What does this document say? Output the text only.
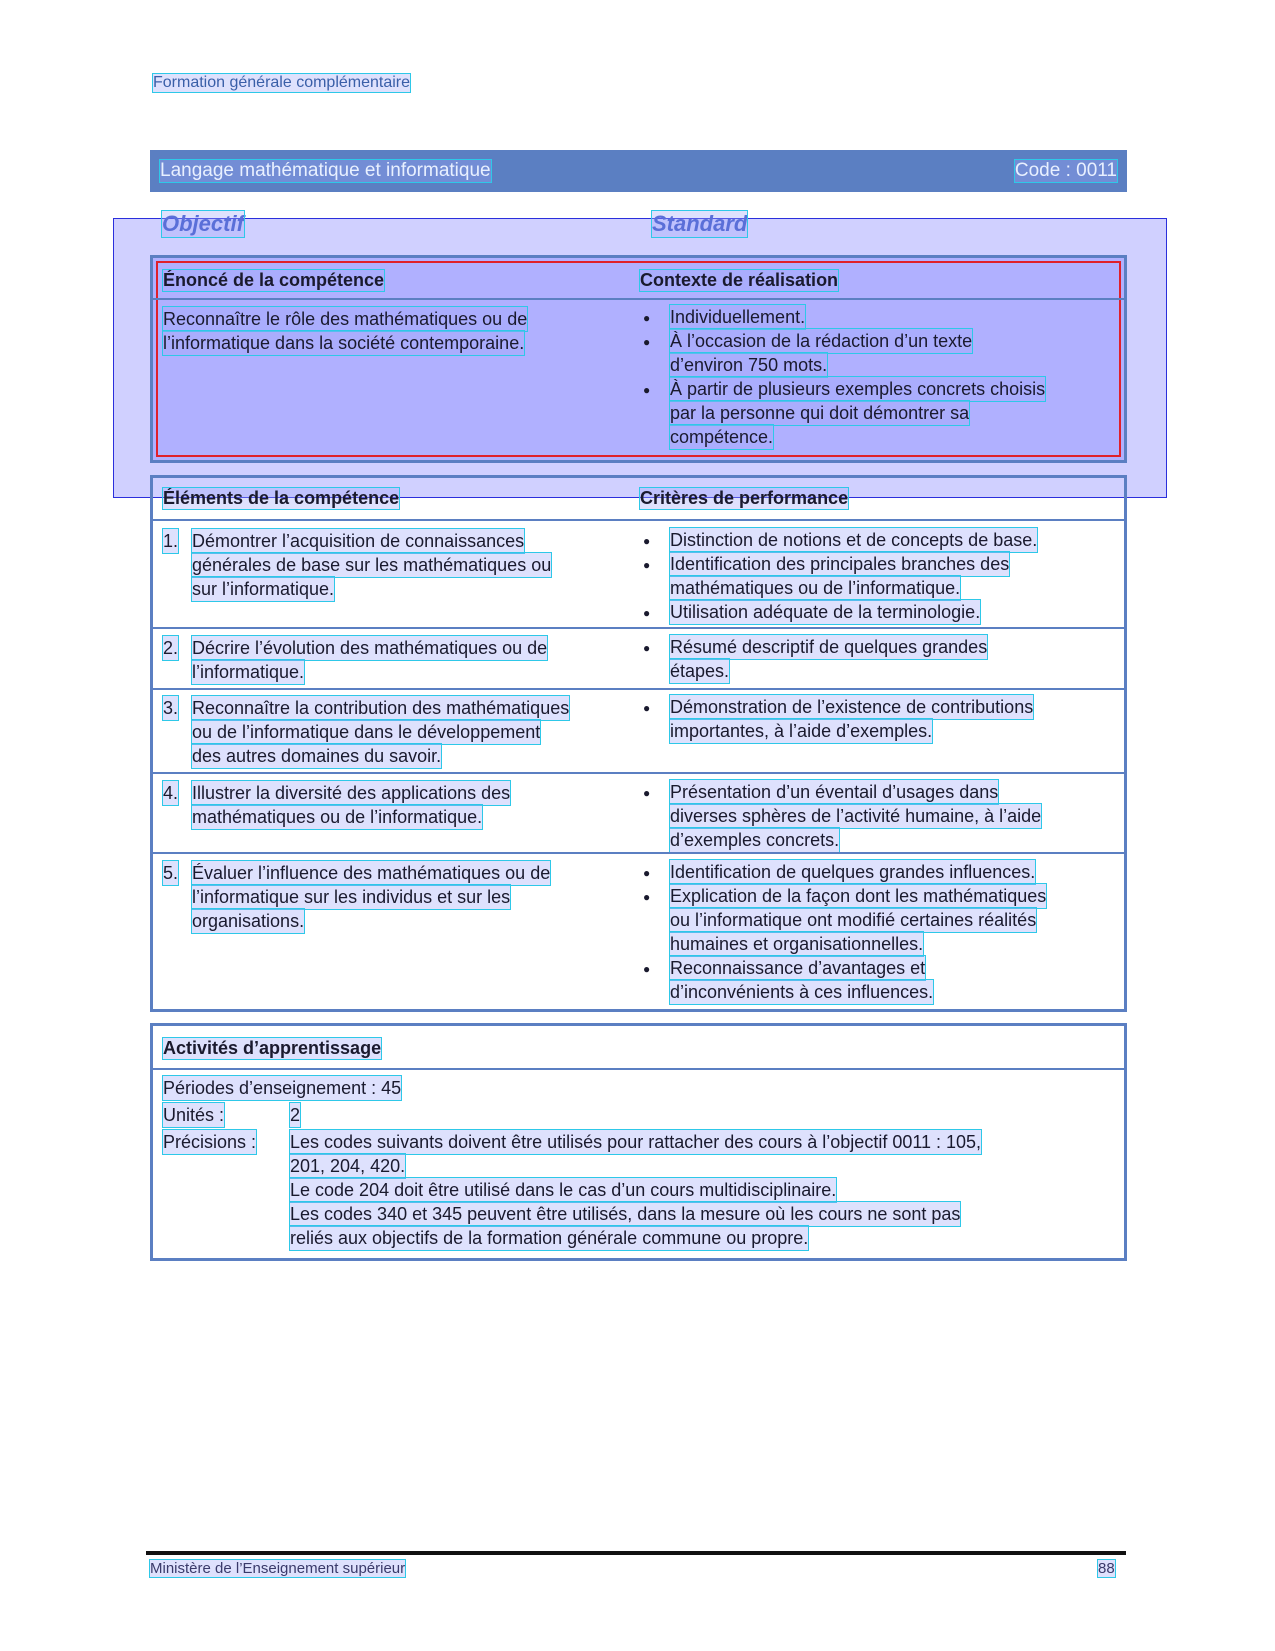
Formation générale complémentaire
Langage mathématique et informatique	Code : 0011
Objectif	Standard
Énoncé de la compétence	Contexte de réalisation
Reconnaître le rôle des mathématiques ou de
l’informatique dans la société contemporaine.
● Individuellement.
● À l’occasion de la rédaction d’un texte
d’environ 750 mots.
● À partir de plusieurs exemples concrets choisis
par la personne qui doit démontrer sa
compétence.
Éléments de la compétence	Critères de performance
1. Démontrer l’acquisition de connaissances
générales de base sur les mathématiques ou
sur l’informatique.
● Distinction de notions et de concepts de base.
● Identification des principales branches des
mathématiques ou de l’informatique.
● Utilisation adéquate de la terminologie.
2. Décrire l’évolution des mathématiques ou de
l’informatique.
● Résumé descriptif de quelques grandes
étapes.
3. Reconnaître la contribution des mathématiques
ou de l’informatique dans le développement
des autres domaines du savoir.
● Démonstration de l’existence de contributions
importantes, à l’aide d’exemples.
4. Illustrer la diversité des applications des
mathématiques ou de l’informatique.
● Présentation d’un éventail d’usages dans
diverses sphères de l’activité humaine, à l’aide
d’exemples concrets.
5. Évaluer l’influence des mathématiques ou de
l’informatique sur les individus et sur les
organisations.
● Identification de quelques grandes influences.
● Explication de la façon dont les mathématiques
ou l’informatique ont modifié certaines réalités
humaines et organisationnelles.
● Reconnaissance d’avantages et
d’inconvénients à ces influences.
Activités d’apprentissage
Périodes d’enseignement : 45
Unités :	2
Précisions : Les codes suivants doivent être utilisés pour rattacher des cours à l’objectif 0011 : 105,
201, 204, 420.
Le code 204 doit être utilisé dans le cas d’un cours multidisciplinaire.
Les codes 340 et 345 peuvent être utilisés, dans la mesure où les cours ne sont pas
reliés aux objectifs de la formation générale commune ou propre.
Ministère de l’Enseignement supérieur	88
